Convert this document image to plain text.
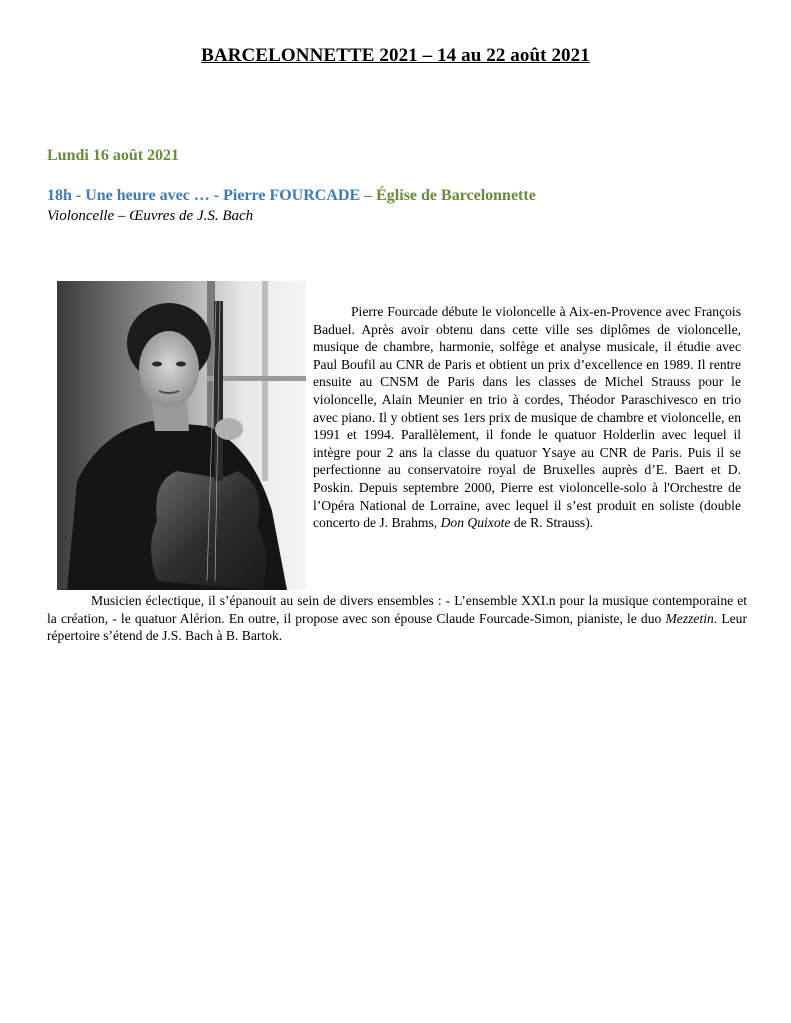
BARCELONNETTE 2021 – 14 au 22 août 2021

Lundi 16 août 2021

18h - Une heure avec … - Pierre FOURCADE – Église de Barcelonnette

Violoncelle – Œuvres de J.S. Bach

Pierre Fourcade débute le violoncelle à Aix-en-Provence avec François Baduel. Après avoir obtenu dans cette ville ses diplômes de violoncelle, musique de chambre, harmonie, solfège et analyse musicale, il étudie avec Paul Boufil au CNR de Paris et obtient un prix d’excellence en 1989. Il rentre ensuite au CNSM de Paris dans les classes de Michel Strauss pour le violoncelle, Alain Meunier en trio à cordes, Théodor Paraschivesco en trio avec piano. Il y obtient ses 1ers prix de musique de chambre et violoncelle, en 1991 et 1994. Parallèlement, il fonde le quatuor Holderlin avec lequel il intègre pour 2 ans la classe du quatuor Ysaye au CNR de Paris. Puis il se perfectionne au conservatoire royal de Bruxelles auprès d’E. Baert et D. Poskin. Depuis septembre 2000, Pierre est violoncelle-solo à l'Orchestre de l’Opéra National de Lorraine, avec lequel il s’est produit en soliste (double concerto de J. Brahms, Don Quixote de R. Strauss).

Musicien éclectique, il s’épanouit au sein de divers ensembles : - L’ensemble XXI.n pour la musique contemporaine et la création, - le quatuor Alérion. En outre, il propose avec son épouse Claude Fourcade-Simon, pianiste, le duo Mezzetin. Leur répertoire s’étend de J.S. Bach à B. Bartok.
